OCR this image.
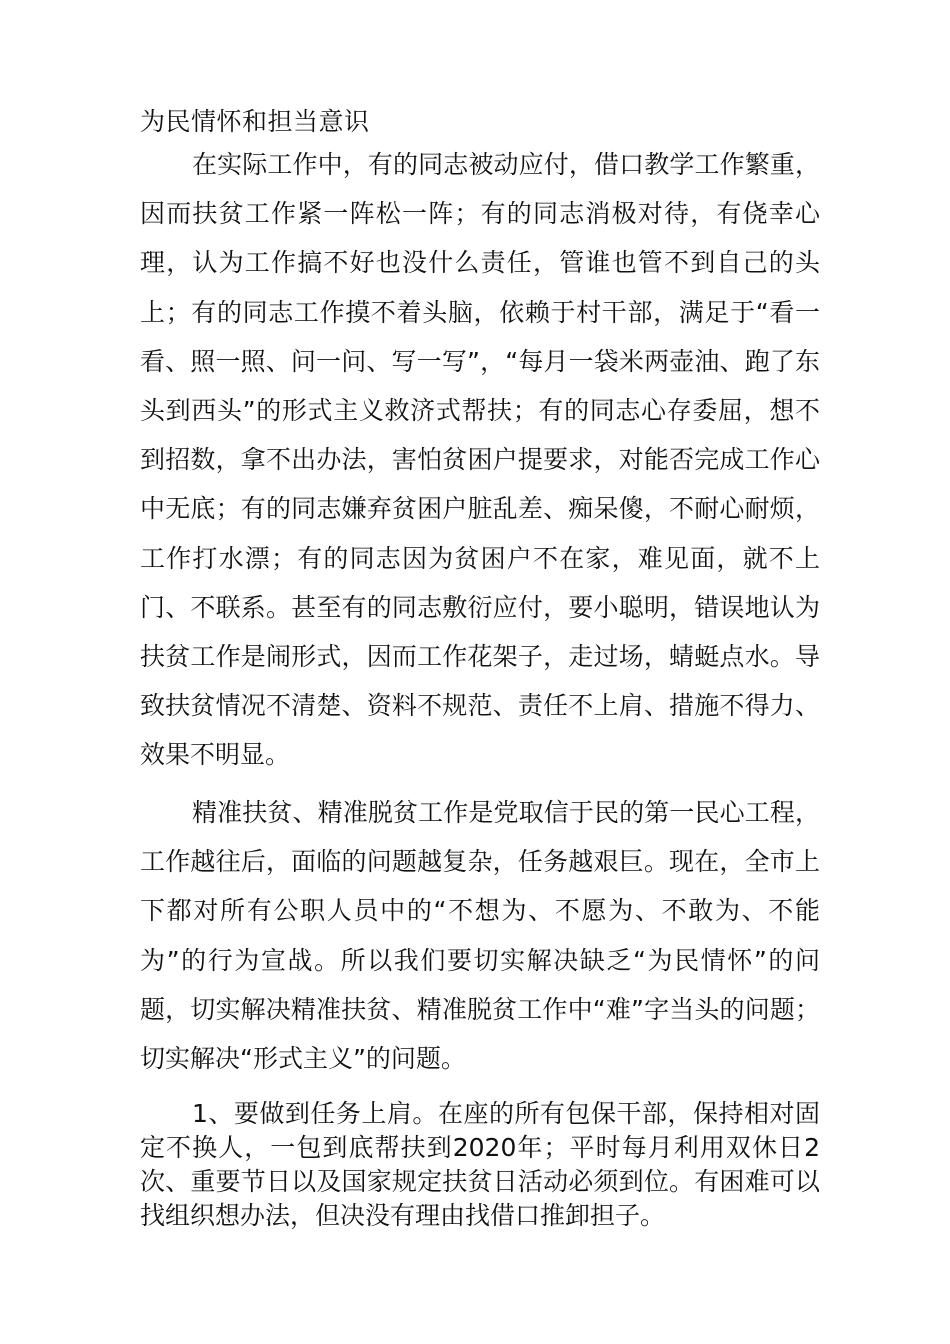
为民情怀和担当意识

在实际工作中，有的同志被动应付，借口教学工作繁重，因而扶贫工作紧一阵松一阵；有的同志消极对待，有侥幸心理，认为工作搞不好也没什么责任，管谁也管不到自己的头上；有的同志工作摸不着头脑，依赖于村干部，满足于“看一看、照一照、问一问、写一写”，“每月一袋米两壶油、跑了东头到西头”的形式主义救济式帮扶；有的同志心存委屈，想不到招数，拿不出办法，害怕贫困户提要求，对能否完成工作心中无底；有的同志嫌弃贫困户脏乱差、痴呆傻，不耐心耐烦，工作打水漂；有的同志因为贫困户不在家，难见面，就不上门、不联系。甚至有的同志敷衍应付，要小聪明，错误地认为扶贫工作是闹形式，因而工作花架子，走过场，蜻蜓点水。导致扶贫情况不清楚、资料不规范、责任不上肩、措施不得力、效果不明显。

精准扶贫、精准脱贫工作是党取信于民的第一民心工程，工作越往后，面临的问题越复杂，任务越艰巨。现在，全市上下都对所有公职人员中的“不想为、不愿为、不敢为、不能为”的行为宣战。所以我们要切实解决缺乏“为民情怀”的问题，切实解决精准扶贫、精准脱贫工作中“难”字当头的问题；切实解决“形式主义”的问题。

1、要做到任务上肩。在座的所有包保干部，保持相对固定不换人，一包到底帮扶到2020年；平时每月利用双休日2次、重要节日以及国家规定扶贫日活动必须到位。有困难可以找组织想办法，但决没有理由找借口推卸担子。
